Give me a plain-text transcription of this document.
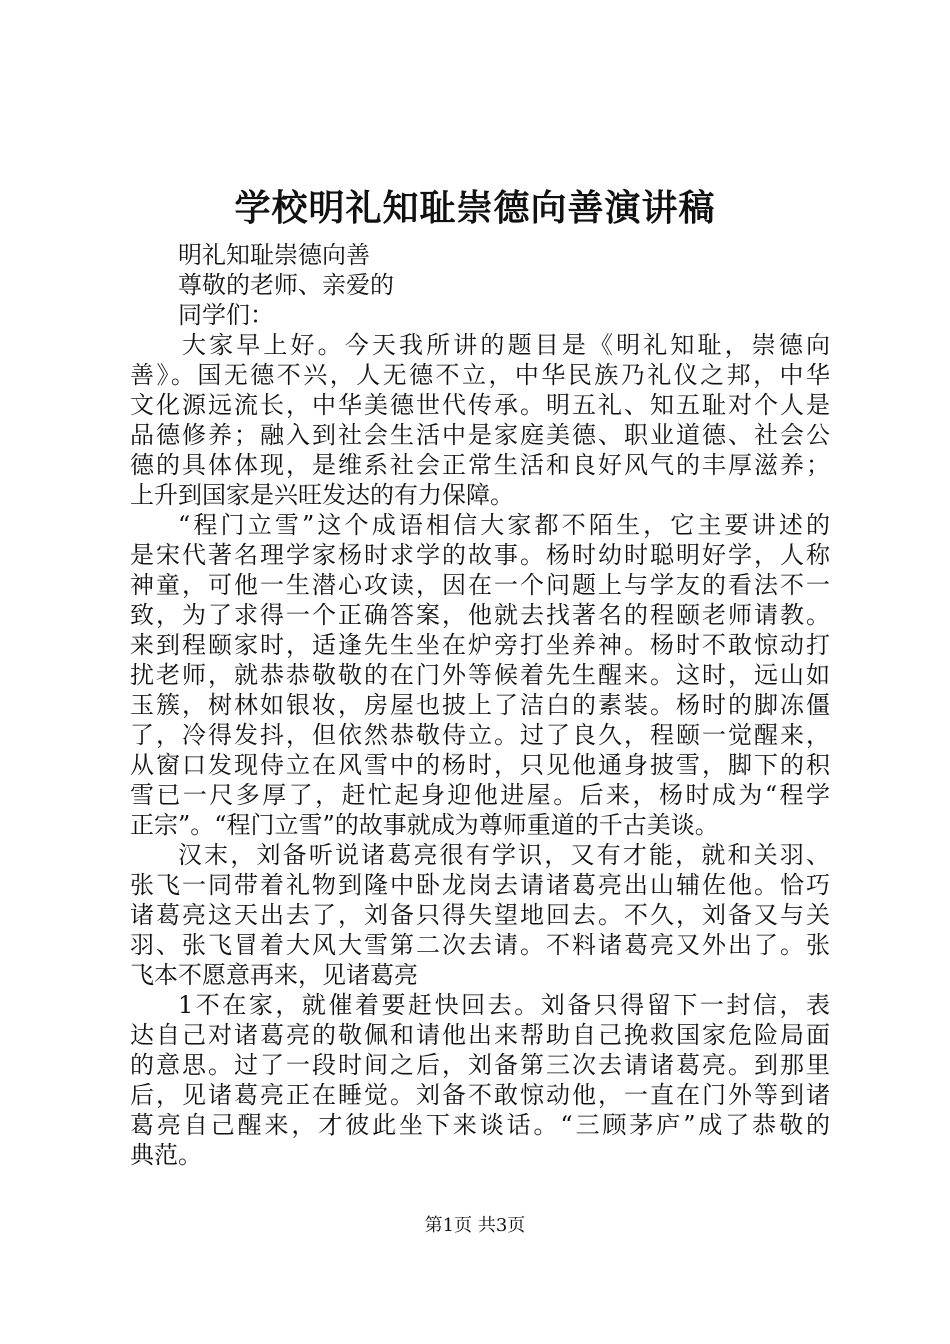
学校明礼知耻崇德向善演讲稿
明礼知耻崇德向善
尊敬的老师、亲爱的
同学们：
大家早上好。今天我所讲的题目是《明礼知耻，崇德向
善》。国无德不兴，人无德不立，中华民族乃礼仪之邦，中华
文化源远流长，中华美德世代传承。明五礼、知五耻对个人是
品德修养；融入到社会生活中是家庭美德、职业道德、社会公
德的具体体现，是维系社会正常生活和良好风气的丰厚滋养；
上升到国家是兴旺发达的有力保障。
“程门立雪”这个成语相信大家都不陌生，它主要讲述的
是宋代著名理学家杨时求学的故事。杨时幼时聪明好学，人称
神童，可他一生潜心攻读，因在一个问题上与学友的看法不一
致，为了求得一个正确答案，他就去找著名的程颐老师请教。
来到程颐家时，适逢先生坐在炉旁打坐养神。杨时不敢惊动打
扰老师，就恭恭敬敬的在门外等候着先生醒来。这时，远山如
玉簇，树林如银妆，房屋也披上了洁白的素装。杨时的脚冻僵
了，冷得发抖，但依然恭敬侍立。过了良久，程颐一觉醒来，
从窗口发现侍立在风雪中的杨时，只见他通身披雪，脚下的积
雪已一尺多厚了，赶忙起身迎他进屋。后来，杨时成为“程学
正宗”。“程门立雪”的故事就成为尊师重道的千古美谈。
汉末，刘备听说诸葛亮很有学识，又有才能，就和关羽、
张飞一同带着礼物到隆中卧龙岗去请诸葛亮出山辅佐他。恰巧
诸葛亮这天出去了，刘备只得失望地回去。不久，刘备又与关
羽、张飞冒着大风大雪第二次去请。不料诸葛亮又外出了。张
飞本不愿意再来，见诸葛亮
1不在家，就催着要赶快回去。刘备只得留下一封信，表
达自己对诸葛亮的敬佩和请他出来帮助自己挽救国家危险局面
的意思。过了一段时间之后，刘备第三次去请诸葛亮。到那里
后，见诸葛亮正在睡觉。刘备不敢惊动他，一直在门外等到诸
葛亮自己醒来，才彼此坐下来谈话。“三顾茅庐”成了恭敬的
典范。
第1页 共3页
